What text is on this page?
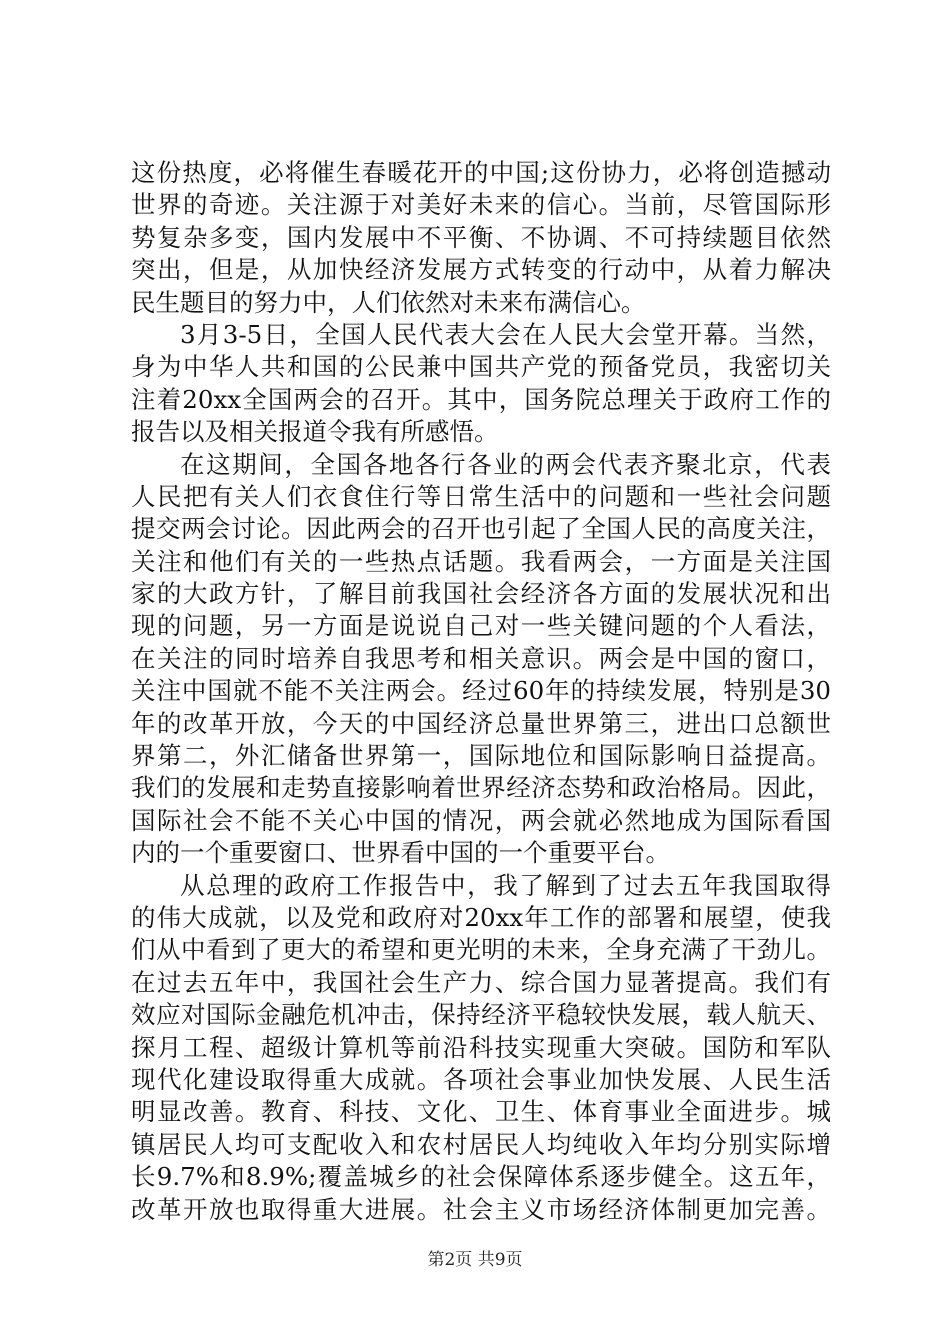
这份热度，必将催生春暖花开的中国;这份协力，必将创造撼动
世界的奇迹。关注源于对美好未来的信心。当前，尽管国际形
势复杂多变，国内发展中不平衡、不协调、不可持续题目依然
突出，但是，从加快经济发展方式转变的行动中，从着力解决
民生题目的努力中，人们依然对未来布满信心。
3月3-5日，全国人民代表大会在人民大会堂开幕。当然，
身为中华人共和国的公民兼中国共产党的预备党员，我密切关
注着20xx全国两会的召开。其中，国务院总理关于政府工作的
报告以及相关报道令我有所感悟。
在这期间，全国各地各行各业的两会代表齐聚北京，代表
人民把有关人们衣食住行等日常生活中的问题和一些社会问题
提交两会讨论。因此两会的召开也引起了全国人民的高度关注，
关注和他们有关的一些热点话题。我看两会，一方面是关注国
家的大政方针，了解目前我国社会经济各方面的发展状况和出
现的问题，另一方面是说说自己对一些关键问题的个人看法，
在关注的同时培养自我思考和相关意识。两会是中国的窗口，
关注中国就不能不关注两会。经过60年的持续发展，特别是30
年的改革开放，今天的中国经济总量世界第三，进出口总额世
界第二，外汇储备世界第一，国际地位和国际影响日益提高。
我们的发展和走势直接影响着世界经济态势和政治格局。因此，
国际社会不能不关心中国的情况，两会就必然地成为国际看国
内的一个重要窗口、世界看中国的一个重要平台。
从总理的政府工作报告中，我了解到了过去五年我国取得
的伟大成就，以及党和政府对20xx年工作的部署和展望，使我
们从中看到了更大的希望和更光明的未来，全身充满了干劲儿。
在过去五年中，我国社会生产力、综合国力显著提高。我们有
效应对国际金融危机冲击，保持经济平稳较快发展，载人航天、
探月工程、超级计算机等前沿科技实现重大突破。国防和军队
现代化建设取得重大成就。各项社会事业加快发展、人民生活
明显改善。教育、科技、文化、卫生、体育事业全面进步。城
镇居民人均可支配收入和农村居民人均纯收入年均分别实际增
长9.7%和8.9%;覆盖城乡的社会保障体系逐步健全。这五年，
改革开放也取得重大进展。社会主义市场经济体制更加完善。
第2页 共9页
